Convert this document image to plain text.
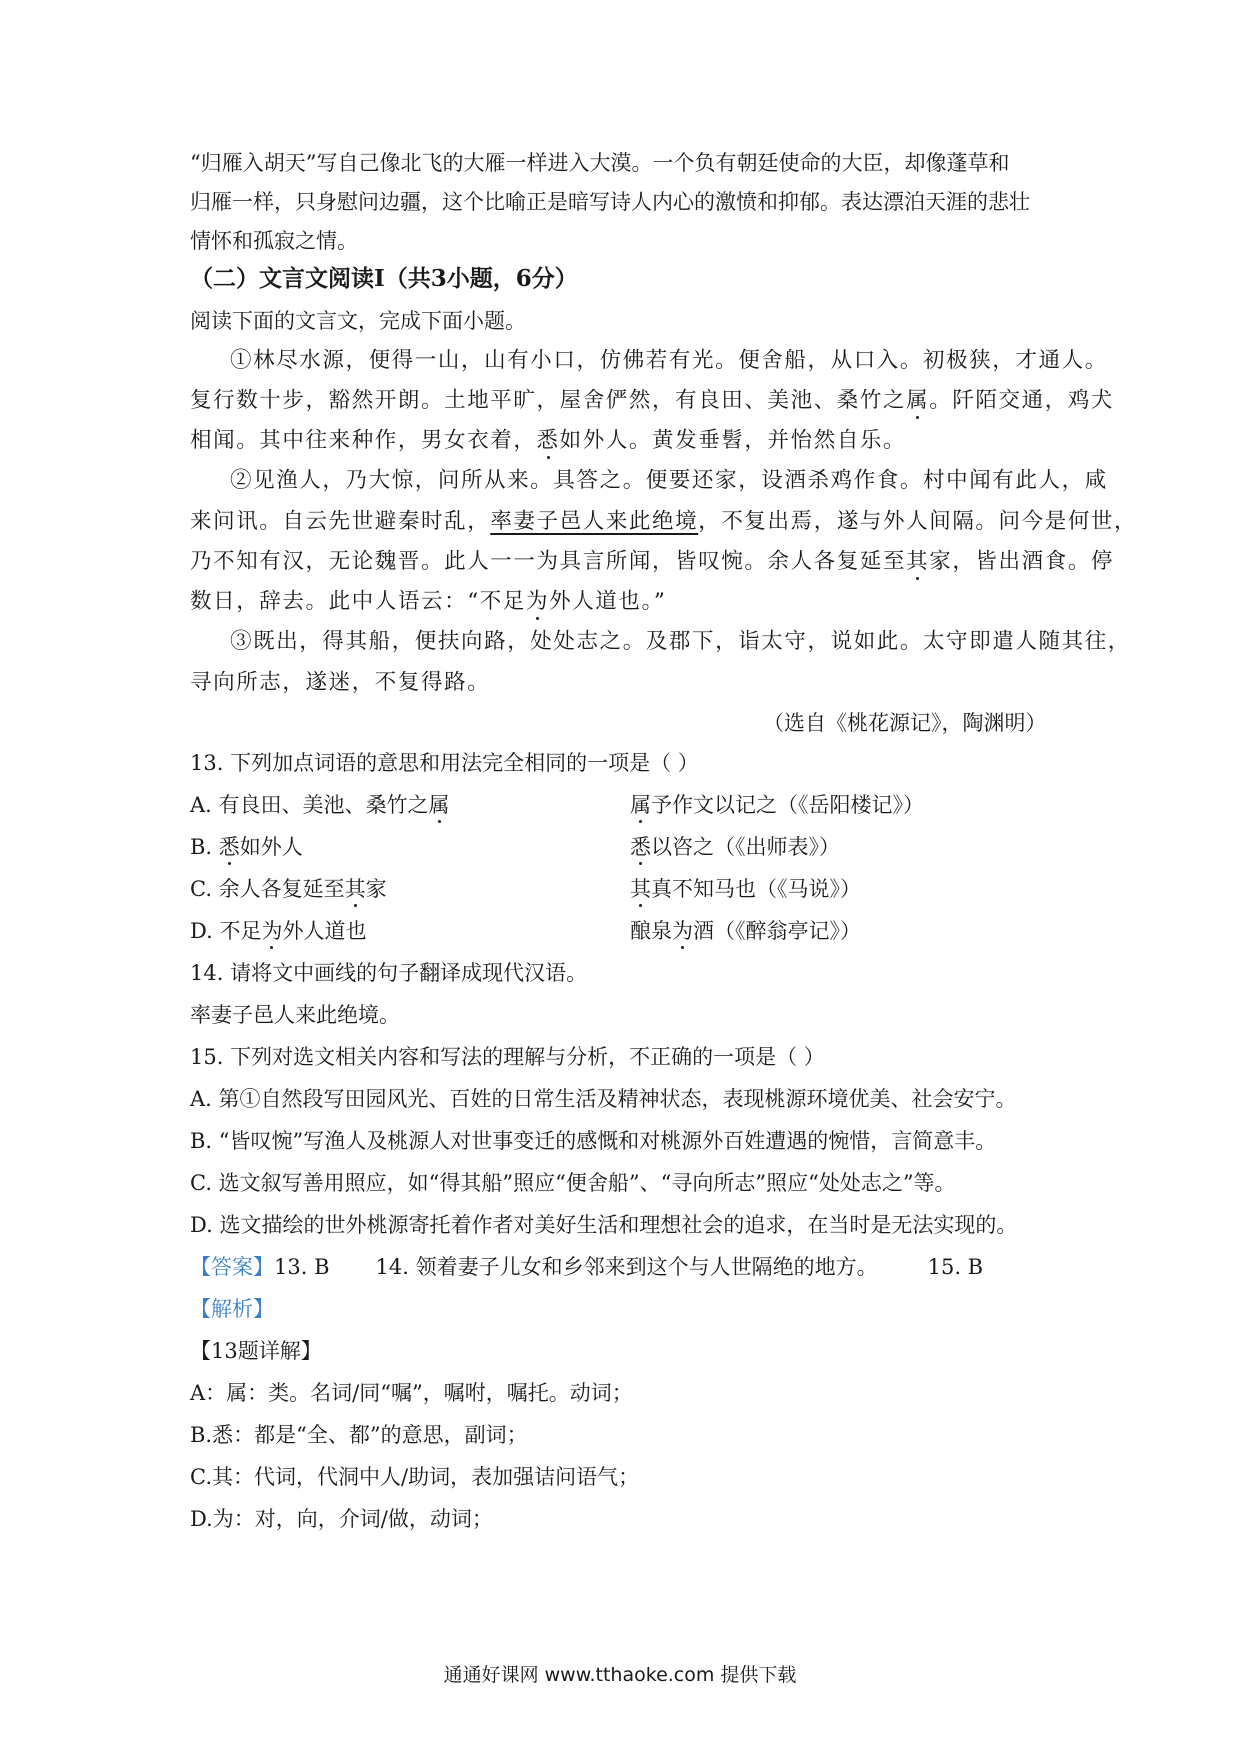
“归雁入胡天”写自己像北飞的大雁一样进入大漠。一个负有朝廷使命的大臣，却像蓬草和
归雁一样，只身慰问边疆，这个比喻正是暗写诗人内心的激愤和抑郁。表达漂泊天涯的悲壮
情怀和孤寂之情。
（二）文言文阅读Ⅰ（共3小题，6分）
阅读下面的文言文，完成下面小题。
①林尽水源，便得一山，山有小口，仿佛若有光。便舍船，从口入。初极狭，才通人。
复行数十步，豁然开朗。土地平旷，屋舍俨然，有良田、美池、桑竹之属。阡陌交通，鸡犬
相闻。其中往来种作，男女衣着，悉如外人。黄发垂髫，并怡然自乐。
②见渔人，乃大惊，问所从来。具答之。便要还家，设酒杀鸡作食。村中闻有此人，咸
来问讯。自云先世避秦时乱，率妻子邑人来此绝境，不复出焉，遂与外人间隔。问今是何世，
乃不知有汉，无论魏晋。此人一一为具言所闻，皆叹惋。余人各复延至其家，皆出酒食。停
数日，辞去。此中人语云：“不足为外人道也。”
③既出，得其船，便扶向路，处处志之。及郡下，诣太守，说如此。太守即遣人随其往，
寻向所志，遂迷，不复得路。
（选自《桃花源记》，陶渊明）
13. 下列加点词语的意思和用法完全相同的一项是（ ）
A. 有良田、美池、桑竹之属	属予作文以记之（《岳阳楼记》）
B. 悉如外人	悉以咨之（《出师表》）
C. 余人各复延至其家	其真不知马也（《马说》）
D. 不足为外人道也	酿泉为酒（《醉翁亭记》）
14. 请将文中画线的句子翻译成现代汉语。
率妻子邑人来此绝境。
15. 下列对选文相关内容和写法的理解与分析，不正确的一项是（ ）
A. 第①自然段写田园风光、百姓的日常生活及精神状态，表现桃源环境优美、社会安宁。
B. “皆叹惋”写渔人及桃源人对世事变迁的感慨和对桃源外百姓遭遇的惋惜，言简意丰。
C. 选文叙写善用照应，如“得其船”照应“便舍船”、“寻向所志”照应“处处志之”等。
D. 选文描绘的世外桃源寄托着作者对美好生活和理想社会的追求，在当时是无法实现的。
【答案】13. B 14. 领着妻子儿女和乡邻来到这个与人世隔绝的地方。 15. B
【解析】
【13题详解】
A：属：类。名词/同“嘱”，嘱咐，嘱托。动词；
B.悉：都是“全、都”的意思，副词；
C.其：代词，代洞中人/助词，表加强诘问语气；
D.为：对，向，介词/做，动词；
通通好课网 www.tthaoke.com 提供下载
